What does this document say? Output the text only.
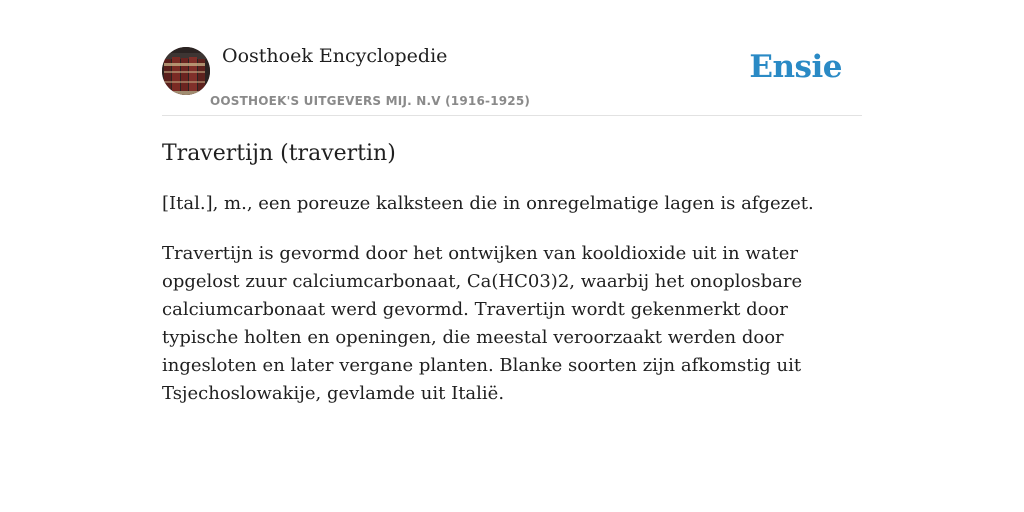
Oosthoek Encyclopedie
OOSTHOEK'S UITGEVERS MIJ. N.V (1916-1925)
Ensie
Travertijn (travertin)

[Ital.], m., een poreuze kalksteen die in onregelmatige lagen is afgezet.

Travertijn is gevormd door het ontwijken van kooldioxide uit in water opgelost zuur calciumcarbonaat, Ca(HC03)2, waarbij het onoplosbare calciumcarbonaat werd gevormd. Travertijn wordt gekenmerkt door typische holten en openingen, die meestal veroorzaakt werden door ingesloten en later vergane planten. Blanke soorten zijn afkomstig uit Tsjechoslowakije, gevlamde uit Italië.
